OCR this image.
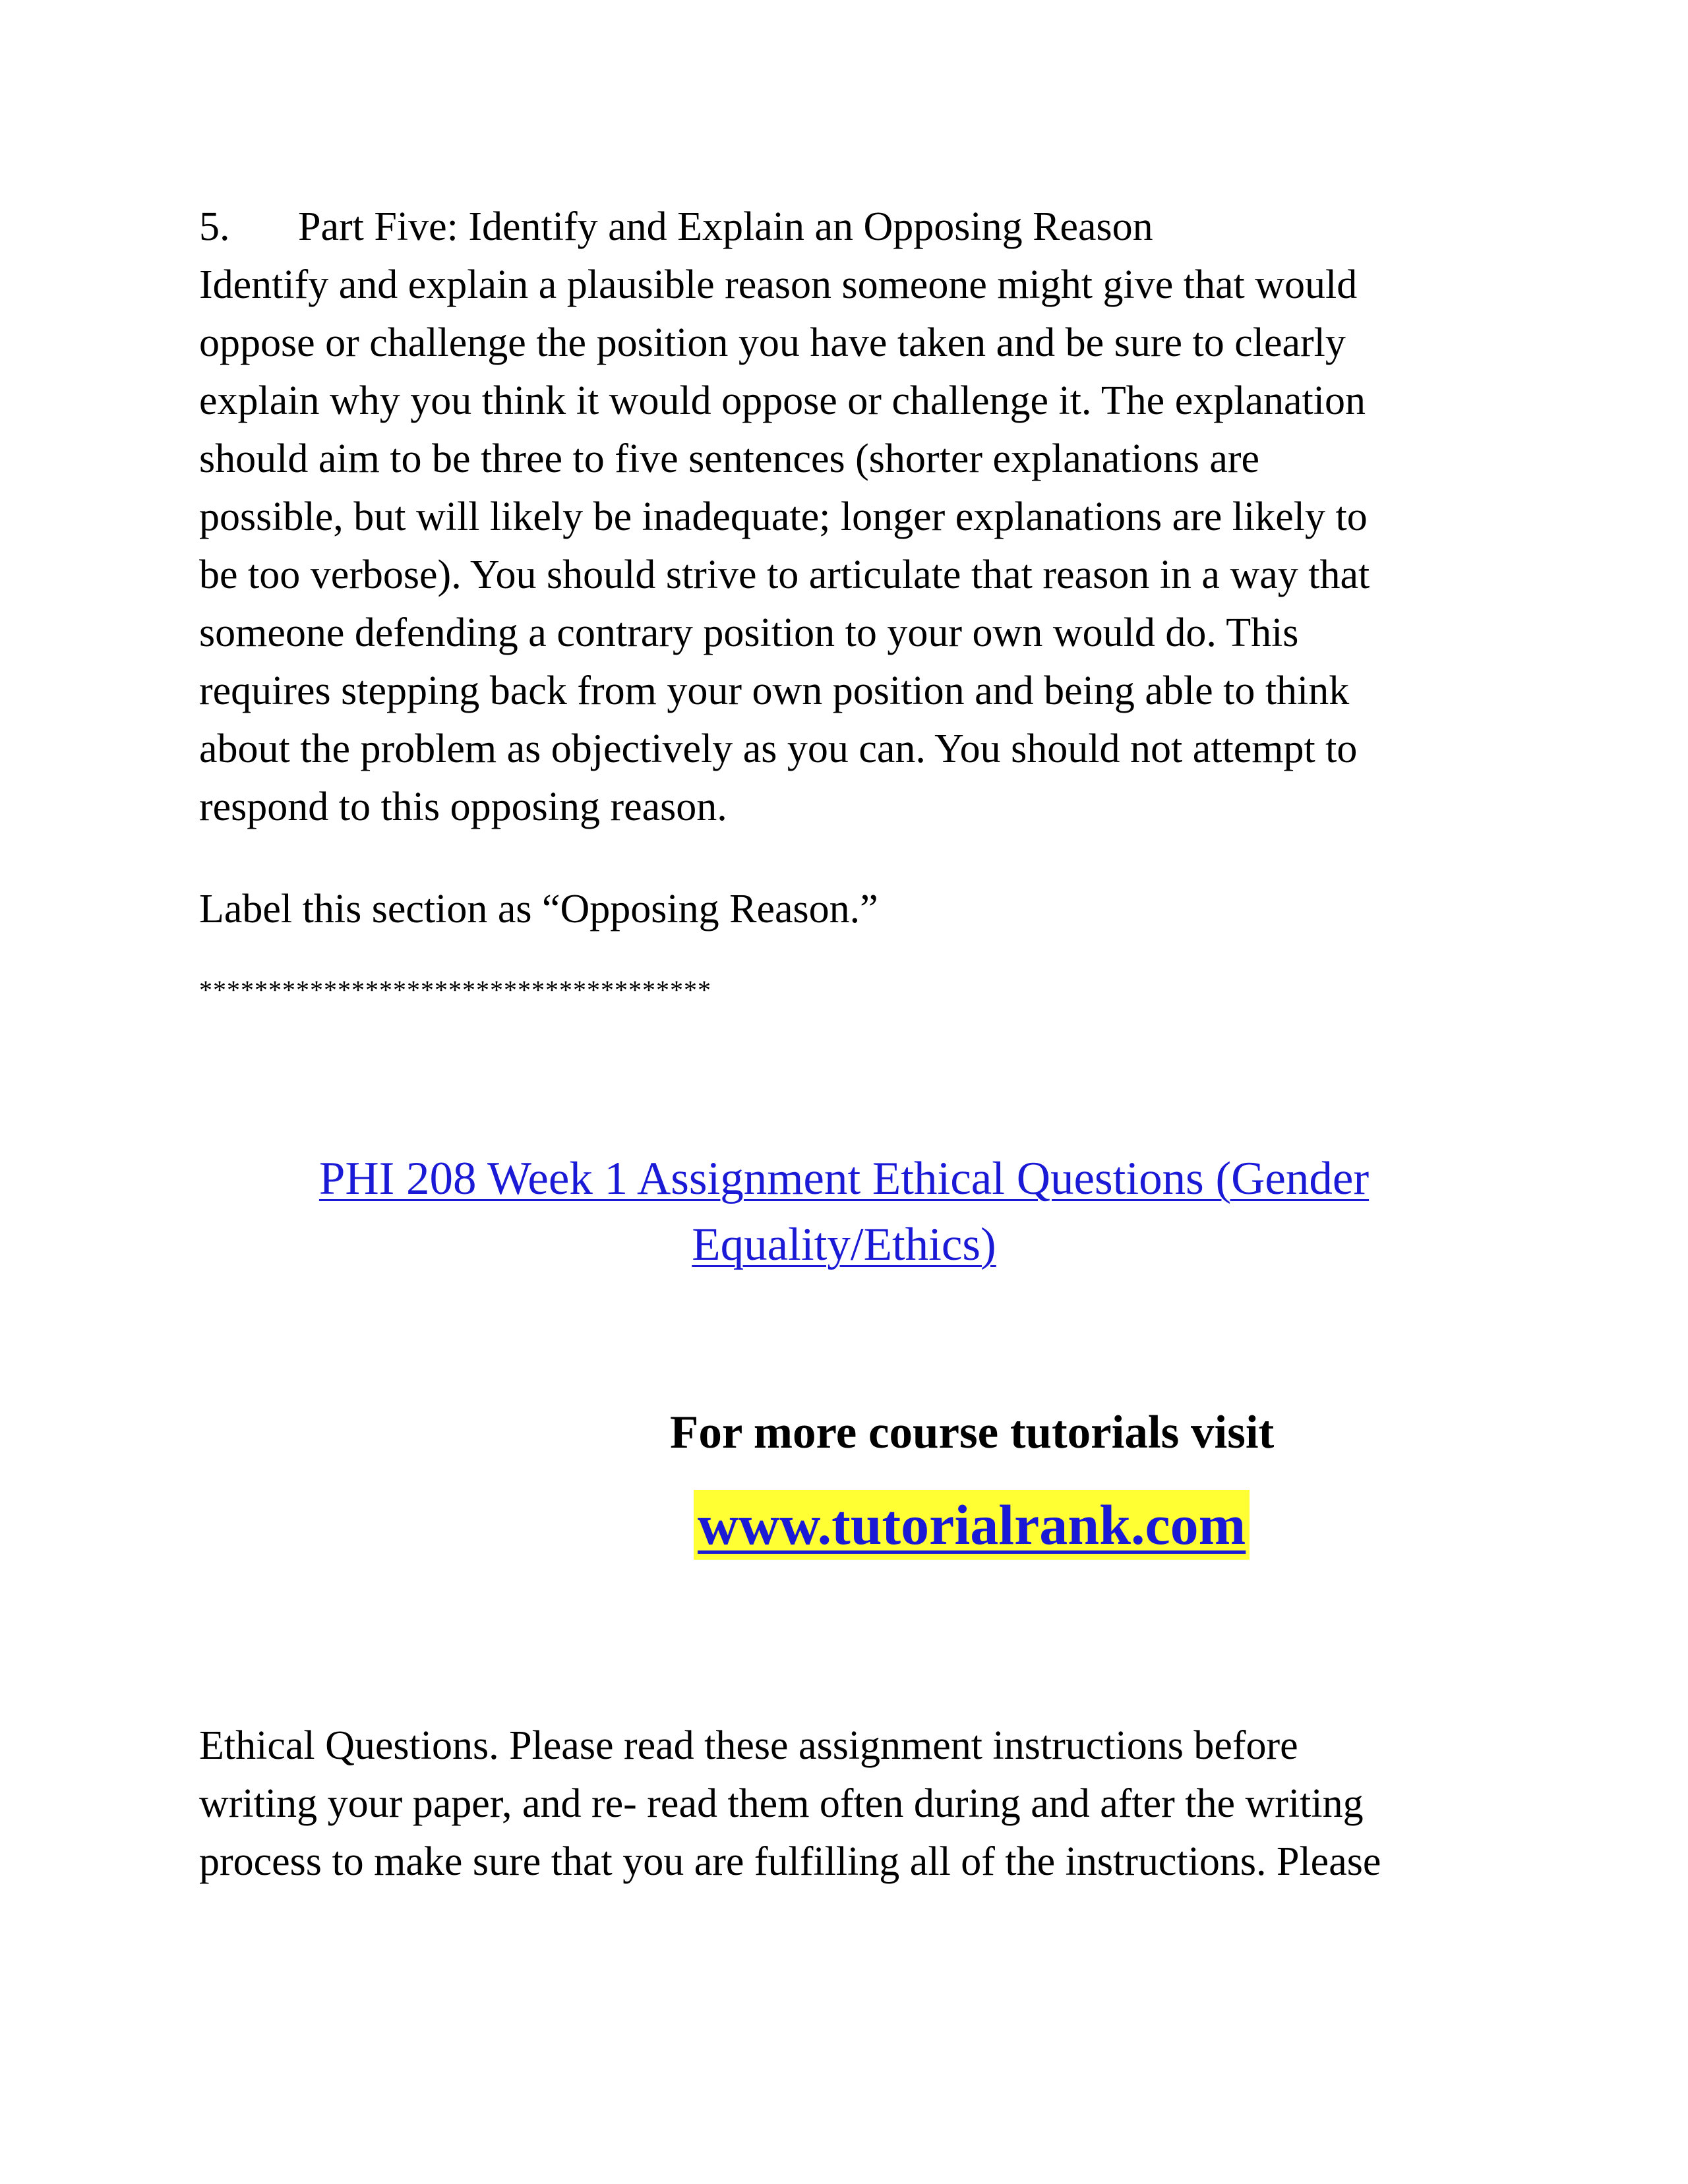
5. Part Five: Identify and Explain an Opposing Reason

Identify and explain a plausible reason someone might give that would
oppose or challenge the position you have taken and be sure to clearly
explain why you think it would oppose or challenge it. The explanation
should aim to be three to five sentences (shorter explanations are
possible, but will likely be inadequate; longer explanations are likely to
be too verbose). You should strive to articulate that reason in a way that
someone defending a contrary position to your own would do. This
requires stepping back from your own position and being able to think
about the problem as objectively as you can. You should not attempt to
respond to this opposing reason.

Label this section as “Opposing Reason.”

*************************************
PHI 208 Week 1 Assignment Ethical Questions (Gender
Equality/Ethics)
For more course tutorials visit
www.tutorialrank.com

Ethical Questions. Please read these assignment instructions before
writing your paper, and re- read them often during and after the writing
process to make sure that you are fulfilling all of the instructions. Please
